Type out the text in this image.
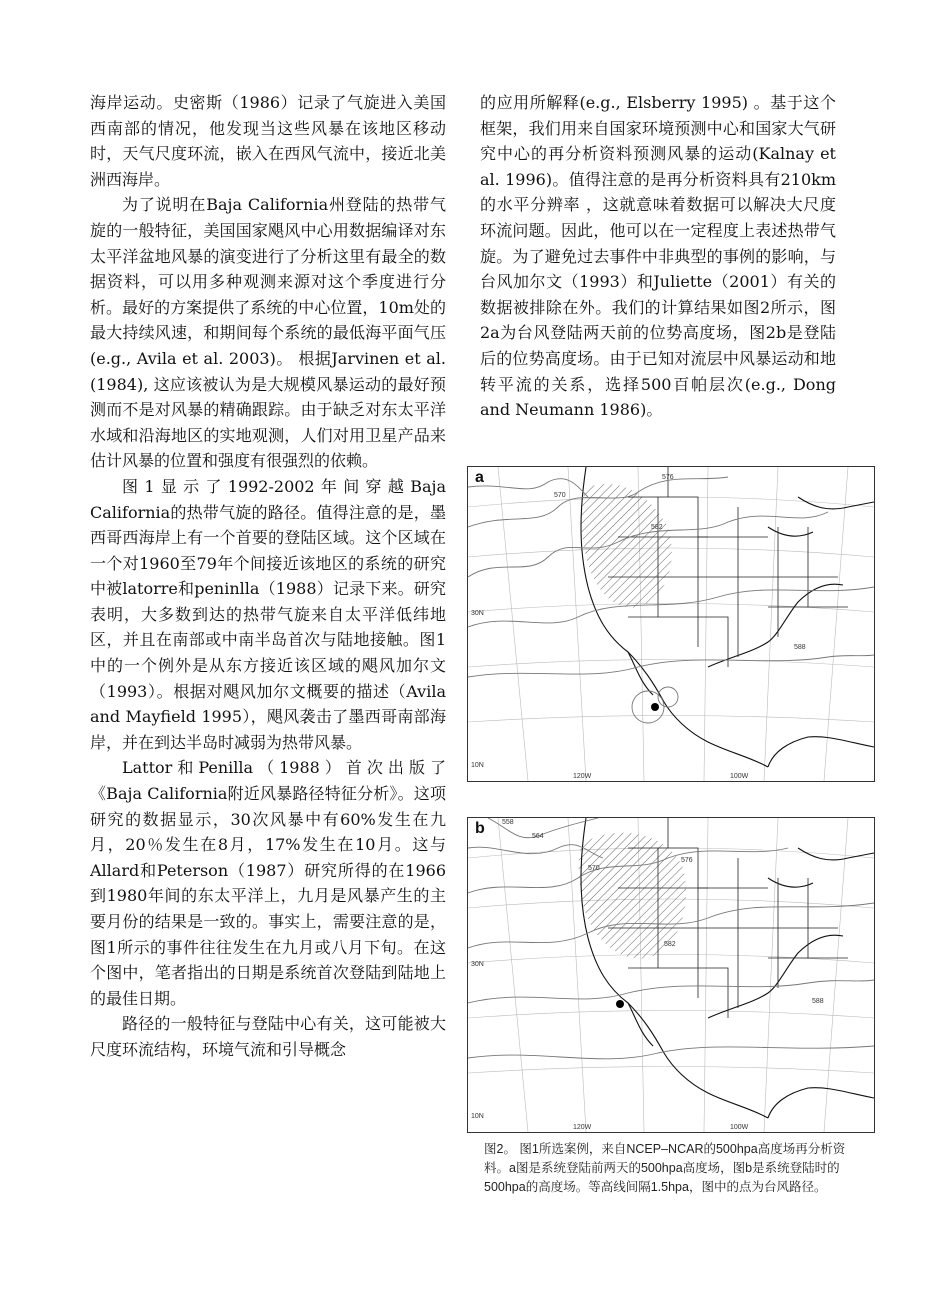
海岸运动。史密斯（1986）记录了气旋进入美国西南部的情况，他发现当这些风暴在该地区移动时，天气尺度环流，嵌入在西风气流中，接近北美洲西海岸。

为了说明在Baja California州登陆的热带气旋的一般特征，美国国家飓风中心用数据编译对东太平洋盆地风暴的演变进行了分析这里有最全的数据资料，可以用多种观测来源对这个季度进行分析。最好的方案提供了系统的中心位置，10m处的最大持续风速，和期间每个系统的最低海平面气压(e.g., Avila et al. 2003)。 根据Jarvinen et al. (1984), 这应该被认为是大规模风暴运动的最好预测而不是对风暴的精确跟踪。由于缺乏对东太平洋水域和沿海地区的实地观测，人们对用卫星产品来估计风暴的位置和强度有很强烈的依赖。

图1显示了1992-2002年间穿越Baja California的热带气旋的路径。值得注意的是，墨西哥西海岸上有一个首要的登陆区域。这个区域在一个对1960至79年个间接近该地区的系统的研究中被latorre和peninlla（1988）记录下来。研究表明，大多数到达的热带气旋来自太平洋低纬地区，并且在南部或中南半岛首次与陆地接触。图1中的一个例外是从东方接近该区域的飓风加尔文（1993）。根据对飓风加尔文概要的描述（Avila and Mayfield 1995），飓风袭击了墨西哥南部海岸，并在到达半岛时减弱为热带风暴。

Lattor和Penilla（1988）首次出版了《Baja California附近风暴路径特征分析》。这项研究的数据显示，30次风暴中有60%发生在九月，20％发生在8月，17%发生在10月。这与Allard和Peterson（1987）研究所得的在1966到1980年间的东太平洋上，九月是风暴产生的主要月份的结果是一致的。事实上，需要注意的是，图1所示的事件往往发生在九月或八月下旬。在这个图中，笔者指出的日期是系统首次登陆到陆地上的最佳日期。

路径的一般特征与登陆中心有关，这可能被大尺度环流结构，环境气流和引导概念

的应用所解释(e.g., Elsberry 1995) 。基于这个框架，我们用来自国家环境预测中心和国家大气研究中心的再分析资料预测风暴的运动(Kalnay et al. 1996)。值得注意的是再分析资料具有210km的水平分辨率 ，这就意味着数据可以解决大尺度环流问题。因此，他可以在一定程度上表述热带气旋。为了避免过去事件中非典型的事例的影响，与台风加尔文（1993）和Juliette（2001）有关的数据被排除在外。我们的计算结果如图2所示，图2a为台风登陆两天前的位势高度场，图2b是登陆后的位势高度场。由于已知对流层中风暴运动和地转平流的关系，选择500百帕层次(e.g., Dong and Neumann 1986)。

570
576
582
588
30N
10N
120W	100W
a
558
564
570
576
582
588
30N
10N
120W	100W
b
图2。 图1所选案例，来自NCEP–NCAR的500hpa高度场再分析资料。a图是系统登陆前两天的500hpa高度场，图b是系统登陆时的500hpa的高度场。等高线间隔1.5hpa，图中的点为台风路径。
